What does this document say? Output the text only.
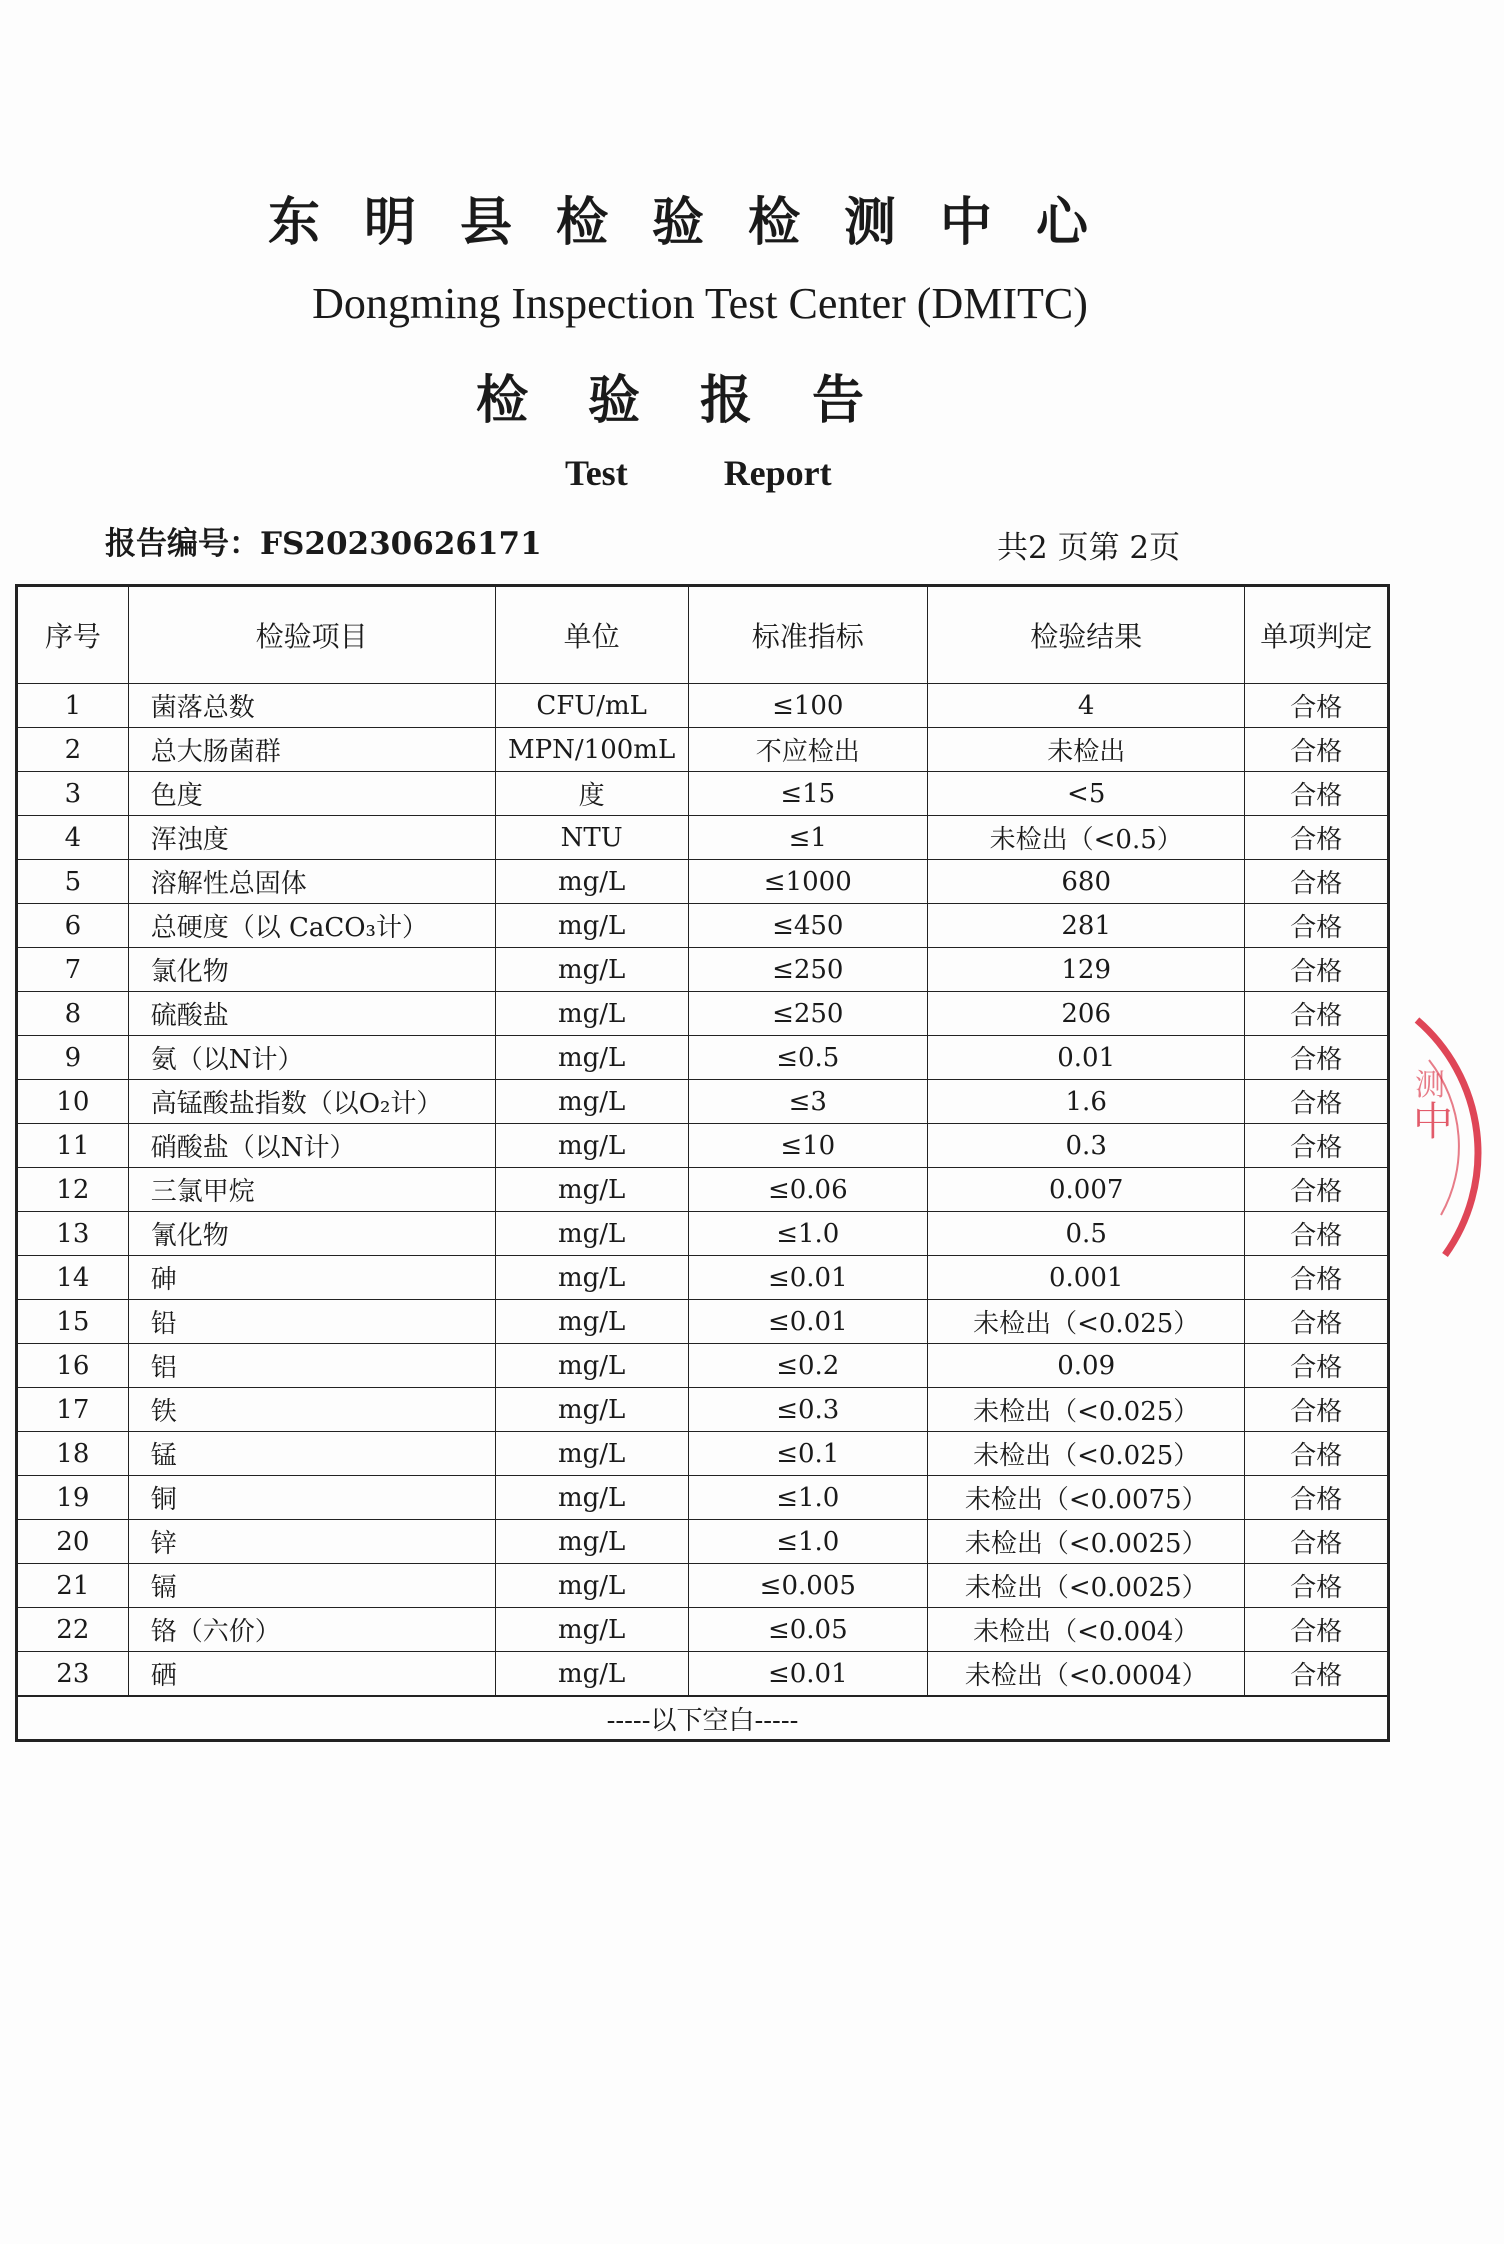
东明县检验检测中心
Dongming Inspection Test Center (DMITC)
检验报告
Test	Report
报告编号：FS20230626171	共2 页第 2页
序号	检验项目	单位	标准指标	检验结果	单项判定
1	菌落总数	CFU/mL	≤100	4	合格
2	总大肠菌群	MPN/100mL	不应检出	未检出	合格
3	色度	度	≤15	<5	合格
4	浑浊度	NTU	≤1	未检出（<0.5）	合格
5	溶解性总固体	mg/L	≤1000	680	合格
6	总硬度（以 CaCO₃计）	mg/L	≤450	281	合格
7	氯化物	mg/L	≤250	129	合格
8	硫酸盐	mg/L	≤250	206	合格
9	氨（以N计）	mg/L	≤0.5	0.01	合格
10	高锰酸盐指数（以O₂计）	mg/L	≤3	1.6	合格
11	硝酸盐（以N计）	mg/L	≤10	0.3	合格
12	三氯甲烷	mg/L	≤0.06	0.007	合格
13	氰化物	mg/L	≤1.0	0.5	合格
14	砷	mg/L	≤0.01	0.001	合格
15	铅	mg/L	≤0.01	未检出（<0.025）	合格
16	铝	mg/L	≤0.2	0.09	合格
17	铁	mg/L	≤0.3	未检出（<0.025）	合格
18	锰	mg/L	≤0.1	未检出（<0.025）	合格
19	铜	mg/L	≤1.0	未检出（<0.0075）	合格
20	锌	mg/L	≤1.0	未检出（<0.0025）	合格
21	镉	mg/L	≤0.005	未检出（<0.0025）	合格
22	铬（六价）	mg/L	≤0.05	未检出（<0.004）	合格
23	硒	mg/L	≤0.01	未检出（<0.0004）	合格
-----以下空白-----					
中
测
